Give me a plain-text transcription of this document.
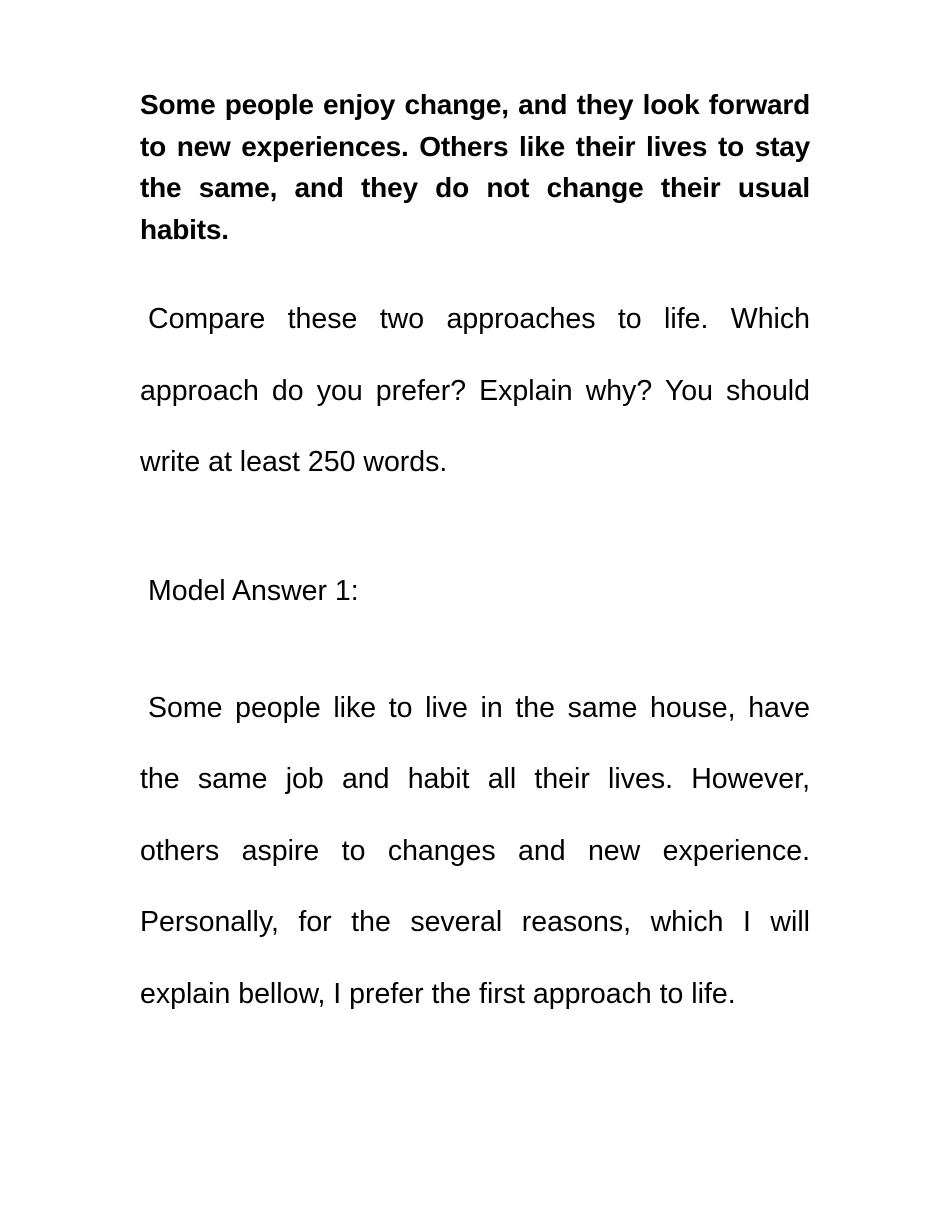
Some people enjoy change, and they look forward to new experiences. Others like their lives to stay the same, and they do not change their usual habits.

Compare these two approaches to life. Which approach do you prefer? Explain why? You should write at least 250 words.

Model Answer 1:

Some people like to live in the same house, have the same job and habit all their lives. However, others aspire to changes and new experience. Personally, for the several reasons, which I will explain bellow, I prefer the first approach to life.
